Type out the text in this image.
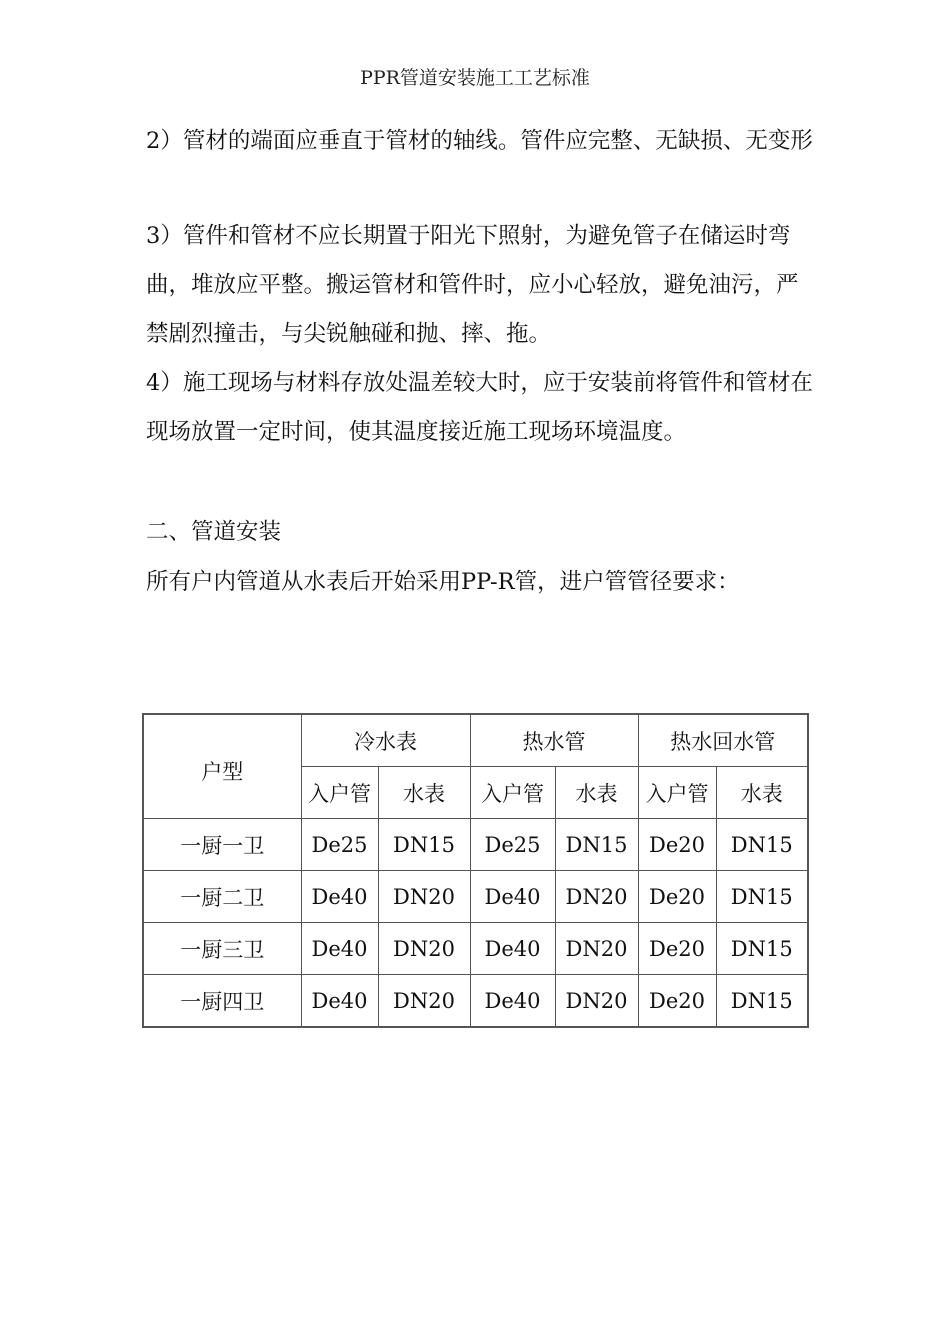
PPR管道安装施工工艺标准

2）管材的端面应垂直于管材的轴线。管件应完整、无缺损、无变形

3）管件和管材不应长期置于阳光下照射，为避免管子在储运时弯曲，堆放应平整。搬运管材和管件时，应小心轻放，避免油污，严禁剧烈撞击，与尖锐触碰和抛、摔、拖。

4）施工现场与材料存放处温差较大时，应于安装前将管件和管材在现场放置一定时间，使其温度接近施工现场环境温度。

二、管道安装

所有户内管道从水表后开始采用PP-R管，进户管管径要求：

户型	冷水表		热水管		热水回水管	
	入户管	水表	入户管	水表	入户管	水表
一厨一卫	De25	DN15	De25	DN15	De20	DN15
一厨二卫	De40	DN20	De40	DN20	De20	DN15
一厨三卫	De40	DN20	De40	DN20	De20	DN15
一厨四卫	De40	DN20	De40	DN20	De20	DN15
